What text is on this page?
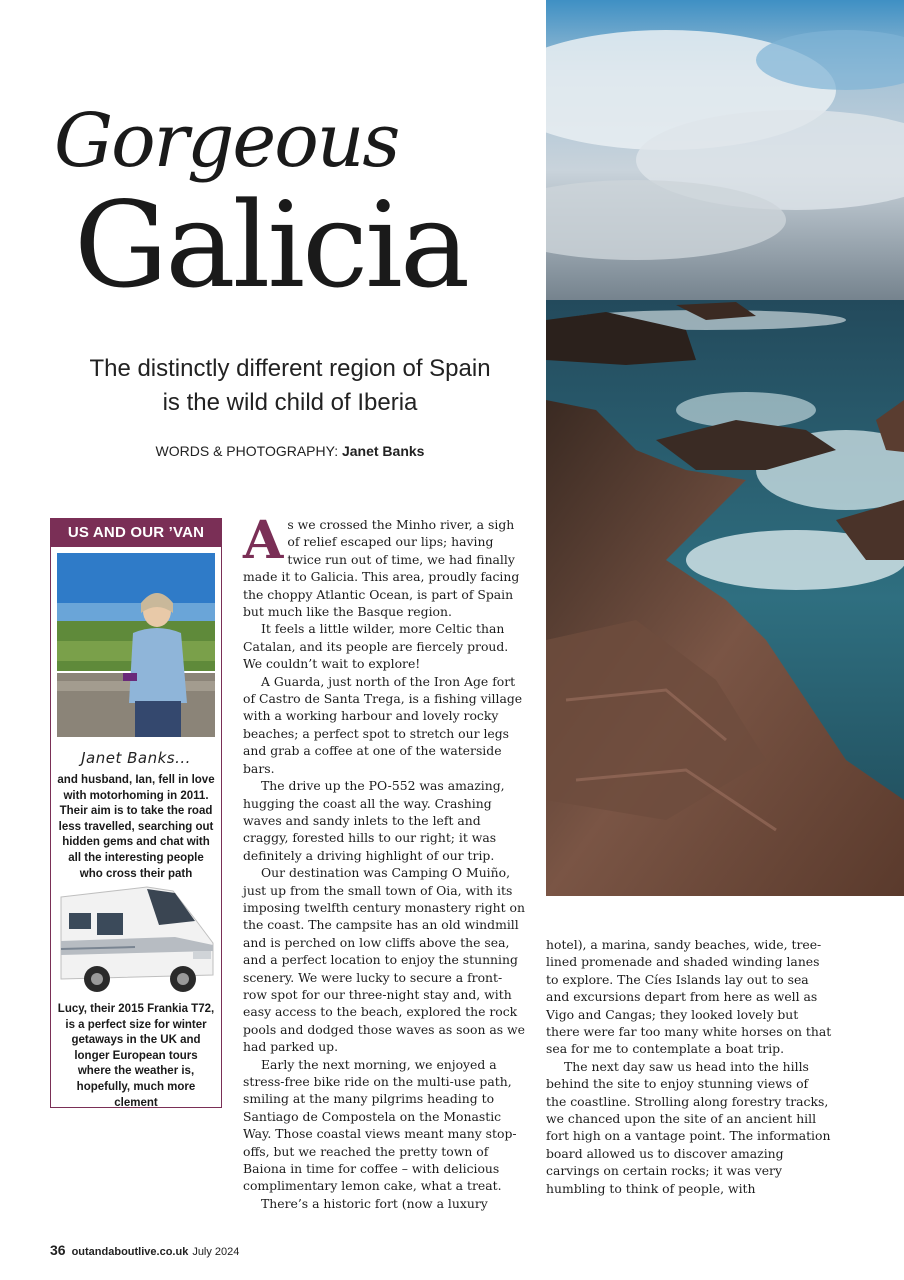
Gorgeous
Galicia
The distinctly different region of Spain
is the wild child of Iberia
WORDS & PHOTOGRAPHY: Janet Banks
US AND OUR ’VAN
Janet Banks...
and husband, Ian, fell in love with motorhoming in 2011. Their aim is to take the road less travelled, searching out hidden gems and chat with all the interesting people who cross their path
Lucy, their 2015 Frankia T72, is a perfect size for winter getaways in the UK and longer European tours where the weather is, hopefully, much more clement

As we crossed the Minho river, a sigh of relief escaped our lips; having twice run out of time, we had finally made it to Galicia. This area, proudly facing the choppy Atlantic Ocean, is part of Spain but much like the Basque region.

It feels a little wilder, more Celtic than Catalan, and its people are fiercely proud. We couldn’t wait to explore!

A Guarda, just north of the Iron Age fort of Castro de Santa Trega, is a fishing village with a working harbour and lovely rocky beaches; a perfect spot to stretch our legs and grab a coffee at one of the waterside bars.

The drive up the PO-552 was amazing, hugging the coast all the way. Crashing waves and sandy inlets to the left and craggy, forested hills to our right; it was definitely a driving highlight of our trip.

Our destination was Camping O Muiño, just up from the small town of Oia, with its imposing twelfth century monastery right on the coast. The campsite has an old windmill and is perched on low cliffs above the sea, and a perfect location to enjoy the stunning scenery. We were lucky to secure a front-row spot for our three-night stay and, with easy access to the beach, explored the rock pools and dodged those waves as soon as we had parked up.

Early the next morning, we enjoyed a stress-free bike ride on the multi-use path, smiling at the many pilgrims heading to Santiago de Compostela on the Monastic Way. Those coastal views meant many stop-offs, but we reached the pretty town of Baiona in time for coffee – with delicious complimentary lemon cake, what a treat.

There’s a historic fort (now a luxury

hotel), a marina, sandy beaches, wide, tree-lined promenade and shaded winding lanes to explore. The Cíes Islands lay out to sea and excursions depart from here as well as Vigo and Cangas; they looked lovely but there were far too many white horses on that sea for me to contemplate a boat trip.

The next day saw us head into the hills behind the site to enjoy stunning views of the coastline. Strolling along forestry tracks, we chanced upon the site of an ancient hill fort high on a vantage point. The information board allowed us to discover amazing carvings on certain rocks; it was very humbling to think of people, with

36 outandaboutlive.co.uk July 2024
